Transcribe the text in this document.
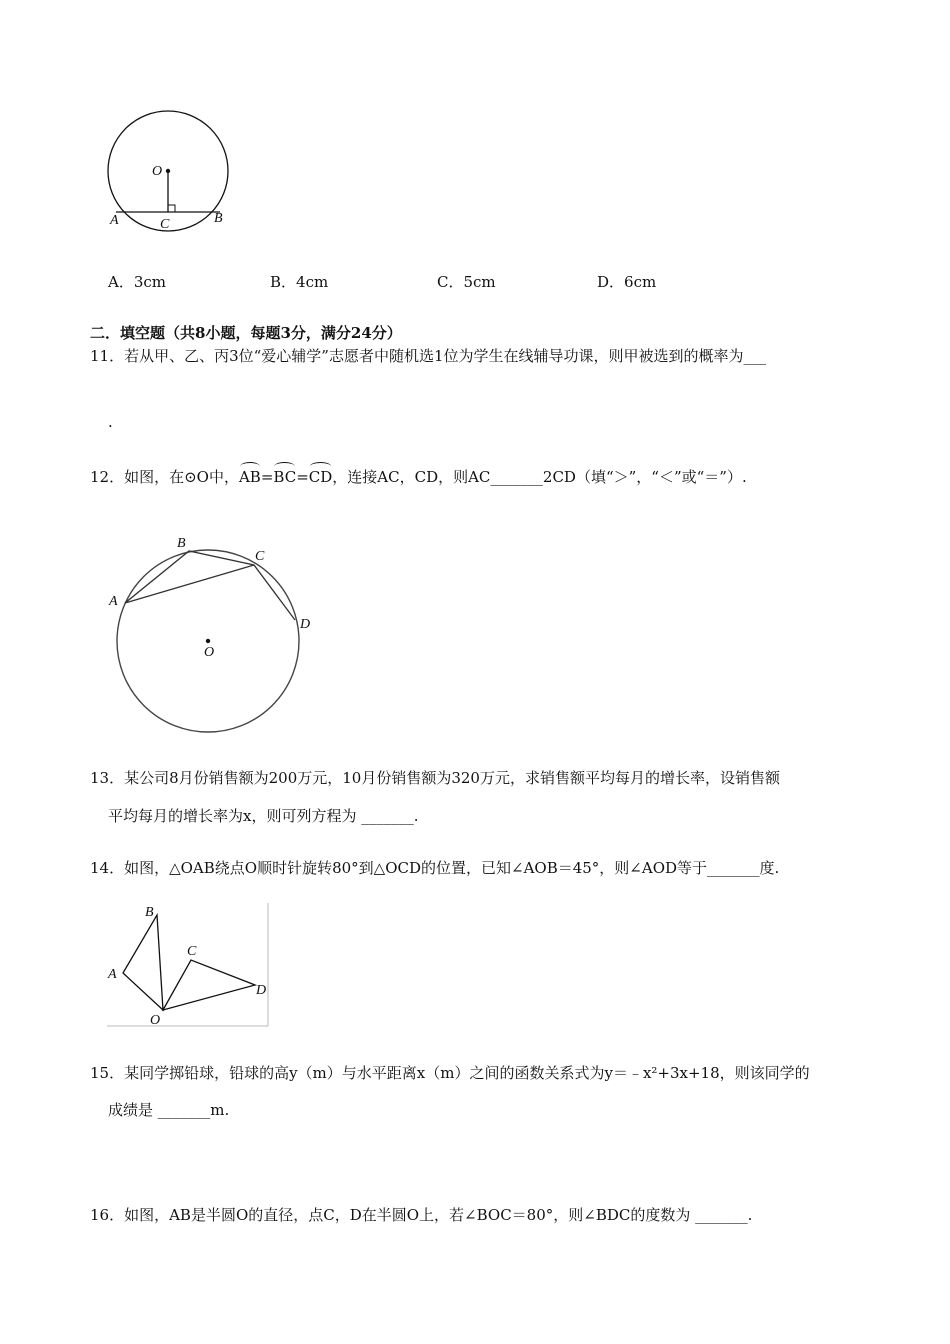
O
A	C	B
A．3cm	B．4cm	C．5cm	D．6cm
二．填空题（共8小题，每题3分，满分24分）
11．若从甲、乙、丙3位“爱心辅学”志愿者中随机选1位为学生在线辅导功课，则甲被选到的概率为___
.
12．如图，在⊙O中，AB=BC=CD，连接AC，CD，则AC_______2CD（填“＞”，“＜”或“＝”）.
A
B
C
D
O
13．某公司8月份销售额为200万元，10月份销售额为320万元，求销售额平均每月的增长率，设销售额
平均每月的增长率为x，则可列方程为 _______.
14．如图，△OAB绕点O顺时针旋转80°到△OCD的位置，已知∠AOB＝45°，则∠AOD等于_______度.
B
A
C
D
O
15．某同学掷铅球，铅球的高y（m）与水平距离x（m）之间的函数关系式为y＝﹣x²+3x+18，则该同学的
成绩是 _______m.
16．如图，AB是半圆O的直径，点C，D在半圆O上，若∠BOC＝80°，则∠BDC的度数为 _______.
